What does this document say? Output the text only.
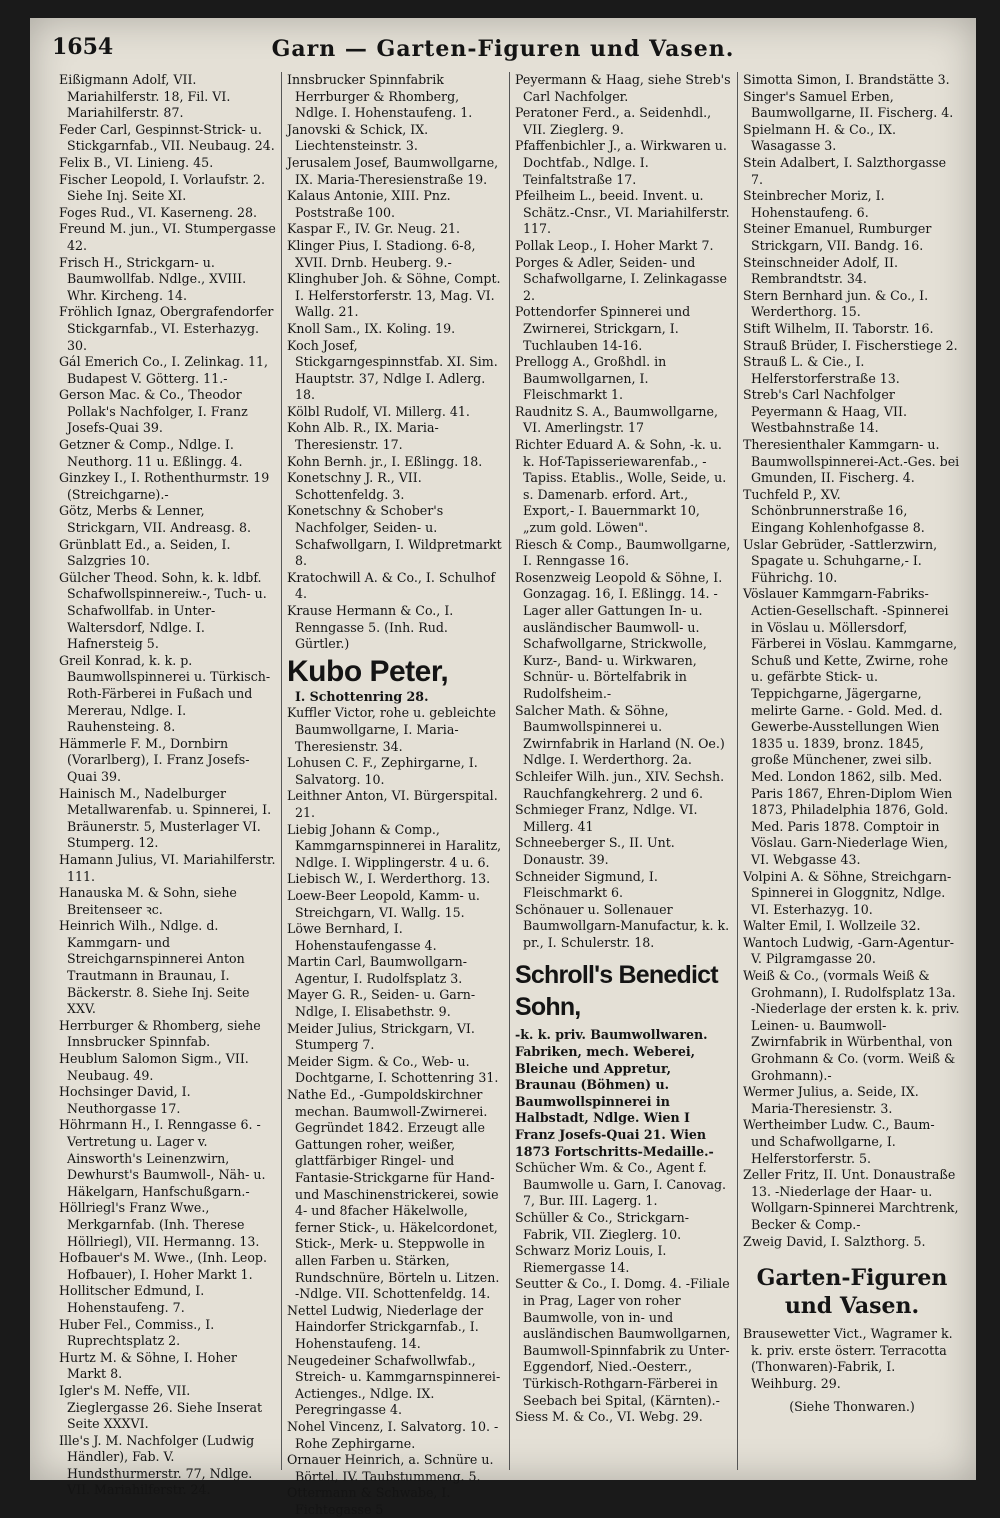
1654	Garn — Garten-Figuren und Vasen.

Eißigmann Adolf, VII. Mariahilferstr. 18, Fil. VI. Mariahilferstr. 87.

Feder Carl, Gespinnst-Strick- u. Stickgarnfab., VII. Neubaug. 24.

Felix B., VI. Linieng. 45.

Fischer Leopold, I. Vorlaufstr. 2. Siehe Inj. Seite XI.

Foges Rud., VI. Kaserneng. 28.

Freund M. jun., VI. Stumpergasse 42.

Frisch H., Strickgarn- u. Baumwollfab. Ndlge., XVIII. Whr. Kircheng. 14.

Fröhlich Ignaz, Obergrafendorfer Stickgarnfab., VI. Esterhazyg. 30.

Gál Emerich Co., I. Zelinkag. 11, Budapest V. Götterg. 11.-

Gerson Mac. & Co., Theodor Pollak's Nachfolger, I. Franz Josefs-Quai 39.

Getzner & Comp., Ndlge. I. Neuthorg. 11 u. Eßlingg. 4.

Ginzkey I., I. Rothenthurmstr. 19 (Streichgarne).-

Götz, Merbs & Lenner, Strickgarn, VII. Andreasg. 8.

Grünblatt Ed., a. Seiden, I. Salzgries 10.

Gülcher Theod. Sohn, k. k. ldbf. Schafwollspinnereiw.-, Tuch- u. Schafwollfab. in Unter-Waltersdorf, Ndlge. I. Hafnersteig 5.

Greil Konrad, k. k. p. Baumwollspinnerei u. Türkisch-Roth-Färberei in Fußach und Mererau, Ndlge. I. Rauhensteing. 8.

Hämmerle F. M., Dornbirn (Vorarlberg), I. Franz Josefs-Quai 39.

Hainisch M., Nadelburger Metallwarenfab. u. Spinnerei, I. Bräunerstr. 5, Musterlager VI. Stumperg. 12.

Hamann Julius, VI. Mariahilferstr. 111.

Hanauska M. & Sohn, siehe Breitenseer ꝛc.

Heinrich Wilh., Ndlge. d. Kammgarn- und Streichgarnspinnerei Anton Trautmann in Braunau, I. Bäckerstr. 8. Siehe Inj. Seite XXV.

Herrburger & Rhomberg, siehe Innsbrucker Spinnfab.

Heublum Salomon Sigm., VII. Neubaug. 49.

Hochsinger David, I. Neuthorgasse 17.

Höhrmann H., I. Renngasse 6. -Vertretung u. Lager v. Ainsworth's Leinenzwirn, Dewhurst's Baumwoll-, Näh- u. Häkelgarn, Hanfschußgarn.-

Höllriegl's Franz Wwe., Merkgarnfab. (Inh. Therese Höllriegl), VII. Hermanng. 13.

Hofbauer's M. Wwe., (Inh. Leop. Hofbauer), I. Hoher Markt 1.

Hollitscher Edmund, I. Hohenstaufeng. 7.

Huber Fel., Commiss., I. Ruprechtsplatz 2.

Hurtz M. & Söhne, I. Hoher Markt 8.

Igler's M. Neffe, VII. Zieglergasse 26. Siehe Inserat Seite XXXVI.

Ille's J. M. Nachfolger (Ludwig Händler), Fab. V. Hundsthurmerstr. 77, Ndlge. VII. Mariahilferstr. 24.

Innsbrucker Spinnfabrik Herrburger & Rhomberg, Ndlge. I. Hohenstaufeng. 1.

Janovski & Schick, IX. Liechtensteinstr. 3.

Jerusalem Josef, Baumwollgarne, IX. Maria-Theresienstraße 19.

Kalaus Antonie, XIII. Pnz. Poststraße 100.

Kaspar F., IV. Gr. Neug. 21.

Klinger Pius, I. Stadiong. 6-8, XVII. Drnb. Heuberg. 9.-

Klinghuber Joh. & Söhne, Compt. I. Helferstorferstr. 13, Mag. VI. Wallg. 21.

Knoll Sam., IX. Koling. 19.

Koch Josef, Stickgarngespinnstfab. XI. Sim. Hauptstr. 37, Ndlge I. Adlerg. 18.

Kölbl Rudolf, VI. Millerg. 41.

Kohn Alb. R., IX. Maria-Theresienstr. 17.

Kohn Bernh. jr., I. Eßlingg. 18.

Konetschny J. R., VII. Schottenfeldg. 3.

Konetschny & Schober's Nachfolger, Seiden- u. Schafwollgarn, I. Wildpretmarkt 8.

Kratochwill A. & Co., I. Schulhof 4.

Krause Hermann & Co., I. Renngasse 5. (Inh. Rud. Gürtler.)

Kubo Peter,

I. Schottenring 28.

Kuffler Victor, rohe u. gebleichte Baumwollgarne, I. Maria-Theresienstr. 34.

Lohusen C. F., Zephirgarne, I. Salvatorg. 10.

Leithner Anton, VI. Bürgerspital. 21.

Liebig Johann & Comp., Kammgarnspinnerei in Haralitz, Ndlge. I. Wipplingerstr. 4 u. 6.

Liebisch W., I. Werderthorg. 13.

Loew-Beer Leopold, Kamm- u. Streichgarn, VI. Wallg. 15.

Löwe Bernhard, I. Hohenstaufengasse 4.

Martin Carl, Baumwollgarn-Agentur, I. Rudolfsplatz 3.

Mayer G. R., Seiden- u. Garn-Ndlge, I. Elisabethstr. 9.

Meider Julius, Strickgarn, VI. Stumperg 7.

Meider Sigm. & Co., Web- u. Dochtgarne, I. Schottenring 31.

Nathe Ed., -Gumpoldskirchner mechan. Baumwoll-Zwirnerei. Gegründet 1842. Erzeugt alle Gattungen roher, weißer, glattfärbiger Ringel- und Fantasie-Strickgarne für Hand- und Maschinenstrickerei, sowie 4- und 8facher Häkelwolle, ferner Stick-, u. Häkelcordonet, Stick-, Merk- u. Steppwolle in allen Farben u. Stärken, Rundschnüre, Börteln u. Litzen. -Ndlge. VII. Schottenfeldg. 14.

Nettel Ludwig, Niederlage der Haindorfer Strickgarnfab., I. Hohenstaufeng. 14.

Neugedeiner Schafwollwfab., Streich- u. Kammgarnspinnerei-Actienges., Ndlge. IX. Peregringasse 4.

Nohel Vincenz, I. Salvatorg. 10. -Rohe Zephirgarne.

Ornauer Heinrich, a. Schnüre u. Börtel, IV. Taubstummeng. 5.

Ottermann & Schwabe, I. Fichtegasse 5

Peyermann & Haag, siehe Streb's Carl Nachfolger.

Peratoner Ferd., a. Seidenhdl., VII. Zieglerg. 9.

Pfaffenbichler J., a. Wirkwaren u. Dochtfab., Ndlge. I. Teinfaltstraße 17.

Pfeilheim L., beeid. Invent. u. Schätz.-Cnsr., VI. Mariahilferstr. 117.

Pollak Leop., I. Hoher Markt 7.

Porges & Adler, Seiden- und Schafwollgarne, I. Zelinkagasse 2.

Pottendorfer Spinnerei und Zwirnerei, Strickgarn, I. Tuchlauben 14-16.

Prellogg A., Großhdl. in Baumwollgarnen, I. Fleischmarkt 1.

Raudnitz S. A., Baumwollgarne, VI. Amerlingstr. 17

Richter Eduard A. & Sohn, -k. u. k. Hof-Tapisseriewarenfab., -Tapiss. Etablis., Wolle, Seide, u. s. Damenarb. erford. Art., Export,- I. Bauernmarkt 10, „zum gold. Löwen".

Riesch & Comp., Baumwollgarne, I. Renngasse 16.

Rosenzweig Leopold & Söhne, I. Gonzagag. 16, I. Eßlingg. 14. -Lager aller Gattungen In- u. ausländischer Baumwoll- u. Schafwollgarne, Strickwolle, Kurz-, Band- u. Wirkwaren, Schnür- u. Börtelfabrik in Rudolfsheim.-

Salcher Math. & Söhne, Baumwollspinnerei u. Zwirnfabrik in Harland (N. Oe.) Ndlge. I. Werderthorg. 2a.

Schleifer Wilh. jun., XIV. Sechsh. Rauchfangkehrerg. 2 und 6.

Schmieger Franz, Ndlge. VI. Millerg. 41

Schneeberger S., II. Unt. Donaustr. 39.

Schneider Sigmund, I. Fleischmarkt 6.

Schönauer u. Sollenauer Baumwollgarn-Manufactur, k. k. pr., I. Schulerstr. 18.

Schroll's Benedict Sohn,

-k. k. priv. Baumwollwaren. Fabriken, mech. Weberei, Bleiche und Appretur, Braunau (Böhmen) u. Baumwollspinnerei in Halbstadt, Ndlge. Wien I Franz Josefs-Quai 21. Wien 1873 Fortschritts-Medaille.-

Schücher Wm. & Co., Agent f. Baumwolle u. Garn, I. Canovag. 7, Bur. III. Lagerg. 1.

Schüller & Co., Strickgarn-Fabrik, VII. Zieglerg. 10.

Schwarz Moriz Louis, I. Riemergasse 14.

Seutter & Co., I. Domg. 4. -Filiale in Prag, Lager von roher Baumwolle, von in- und ausländischen Baumwollgarnen, Baumwoll-Spinnfabrik zu Unter-Eggendorf, Nied.-Oesterr., Türkisch-Rothgarn-Färberei in Seebach bei Spital, (Kärnten).-

Siess M. & Co., VI. Webg. 29.

Simotta Simon, I. Brandstätte 3.

Singer's Samuel Erben, Baumwollgarne, II. Fischerg. 4.

Spielmann H. & Co., IX. Wasagasse 3.

Stein Adalbert, I. Salzthorgasse 7.

Steinbrecher Moriz, I. Hohenstaufeng. 6.

Steiner Emanuel, Rumburger Strickgarn, VII. Bandg. 16.

Steinschneider Adolf, II. Rembrandtstr. 34.

Stern Bernhard jun. & Co., I. Werderthorg. 15.

Stift Wilhelm, II. Taborstr. 16.

Strauß Brüder, I. Fischerstiege 2.

Strauß L. & Cie., I. Helferstorferstraße 13.

Streb's Carl Nachfolger Peyermann & Haag, VII. Westbahnstraße 14.

Theresienthaler Kammgarn- u. Baumwollspinnerei-Act.-Ges. bei Gmunden, II. Fischerg. 4.

Tuchfeld P., XV. Schönbrunnerstraße 16, Eingang Kohlenhofgasse 8.

Uslar Gebrüder, -Sattlerzwirn, Spagate u. Schuhgarne,- I. Führichg. 10.

Vöslauer Kammgarn-Fabriks-Actien-Gesellschaft. -Spinnerei in Vöslau u. Möllersdorf, Färberei in Vöslau. Kammgarne, Schuß und Kette, Zwirne, rohe u. gefärbte Stick- u. Teppichgarne, Jägergarne, melirte Garne. - Gold. Med. d. Gewerbe-Ausstellungen Wien 1835 u. 1839, bronz. 1845, große Münchener, zwei silb. Med. London 1862, silb. Med. Paris 1867, Ehren-Diplom Wien 1873, Philadelphia 1876, Gold. Med. Paris 1878. Comptoir in Vöslau. Garn-Niederlage Wien, VI. Webgasse 43.

Volpini A. & Söhne, Streichgarn-Spinnerei in Gloggnitz, Ndlge. VI. Esterhazyg. 10.

Walter Emil, I. Wollzeile 32.

Wantoch Ludwig, -Garn-Agentur- V. Pilgramgasse 20.

Weiß & Co., (vormals Weiß & Grohmann), I. Rudolfsplatz 13a. -Niederlage der ersten k. k. priv. Leinen- u. Baumwoll-Zwirnfabrik in Würbenthal, von Grohmann & Co. (vorm. Weiß & Grohmann).-

Wermer Julius, a. Seide, IX. Maria-Theresienstr. 3.

Wertheimber Ludw. C., Baum- und Schafwollgarne, I. Helferstorferstr. 5.

Zeller Fritz, II. Unt. Donaustraße 13. -Niederlage der Haar- u. Wollgarn-Spinnerei Marchtrenk, Becker & Comp.-

Zweig David, I. Salzthorg. 5.

Garten-Figuren und Vasen.

Brausewetter Vict., Wagramer k. k. priv. erste österr. Terracotta (Thonwaren)-Fabrik, I. Weihburg. 29.

(Siehe Thonwaren.)
